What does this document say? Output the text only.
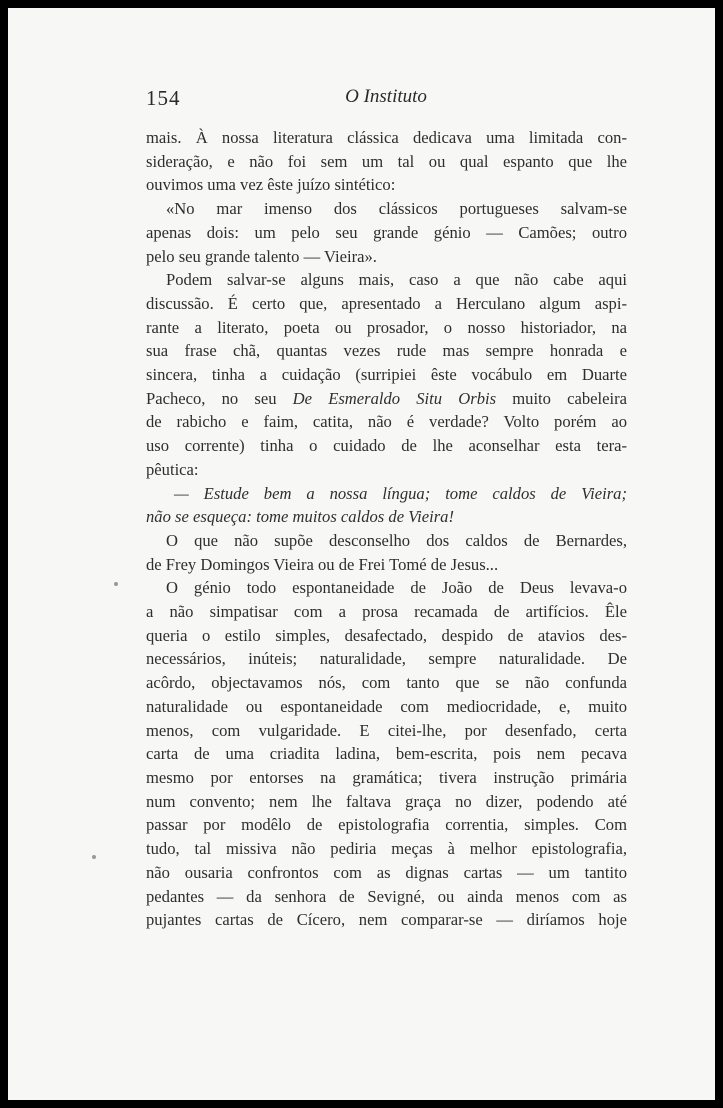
154	O Instituto
mais. À nossa literatura clássica dedicava uma limitada con-
sideração, e não foi sem um tal ou qual espanto que lhe
ouvimos uma vez êste juízo sintético:
«No mar imenso dos clássicos portugueses salvam-se
apenas dois: um pelo seu grande génio — Camões; outro
pelo seu grande talento — Vieira».
Podem salvar-se alguns mais, caso a que não cabe aqui
discussão. É certo que, apresentado a Herculano algum aspi-
rante a literato, poeta ou prosador, o nosso historiador, na
sua frase chã, quantas vezes rude mas sempre honrada e
sincera, tinha a cuidação (surripiei êste vocábulo em Duarte
Pacheco, no seu De Esmeraldo Situ Orbis muito cabeleira
de rabicho e faim, catita, não é verdade? Volto porém ao
uso corrente) tinha o cuidado de lhe aconselhar esta tera-
pêutica:
— Estude bem a nossa língua; tome caldos de Vieira;
não se esqueça: tome muitos caldos de Vieira!
O que não supõe desconselho dos caldos de Bernardes,
de Frey Domingos Vieira ou de Frei Tomé de Jesus...
O génio todo espontaneidade de João de Deus levava-o
a não simpatisar com a prosa recamada de artifícios. Êle
queria o estilo simples, desafectado, despido de atavios des-
necessários, inúteis; naturalidade, sempre naturalidade. De
acôrdo, objectavamos nós, com tanto que se não confunda
naturalidade ou espontaneidade com mediocridade, e, muito
menos, com vulgaridade. E citei-lhe, por desenfado, certa
carta de uma criadita ladina, bem-escrita, pois nem pecava
mesmo por entorses na gramática; tivera instrução primária
num convento; nem lhe faltava graça no dizer, podendo até
passar por modêlo de epistolografia correntia, simples. Com
tudo, tal missiva não pediria meças à melhor epistolografia,
não ousaria confrontos com as dignas cartas — um tantito
pedantes — da senhora de Sevigné, ou ainda menos com as
pujantes cartas de Cícero, nem comparar-se — diríamos hoje
